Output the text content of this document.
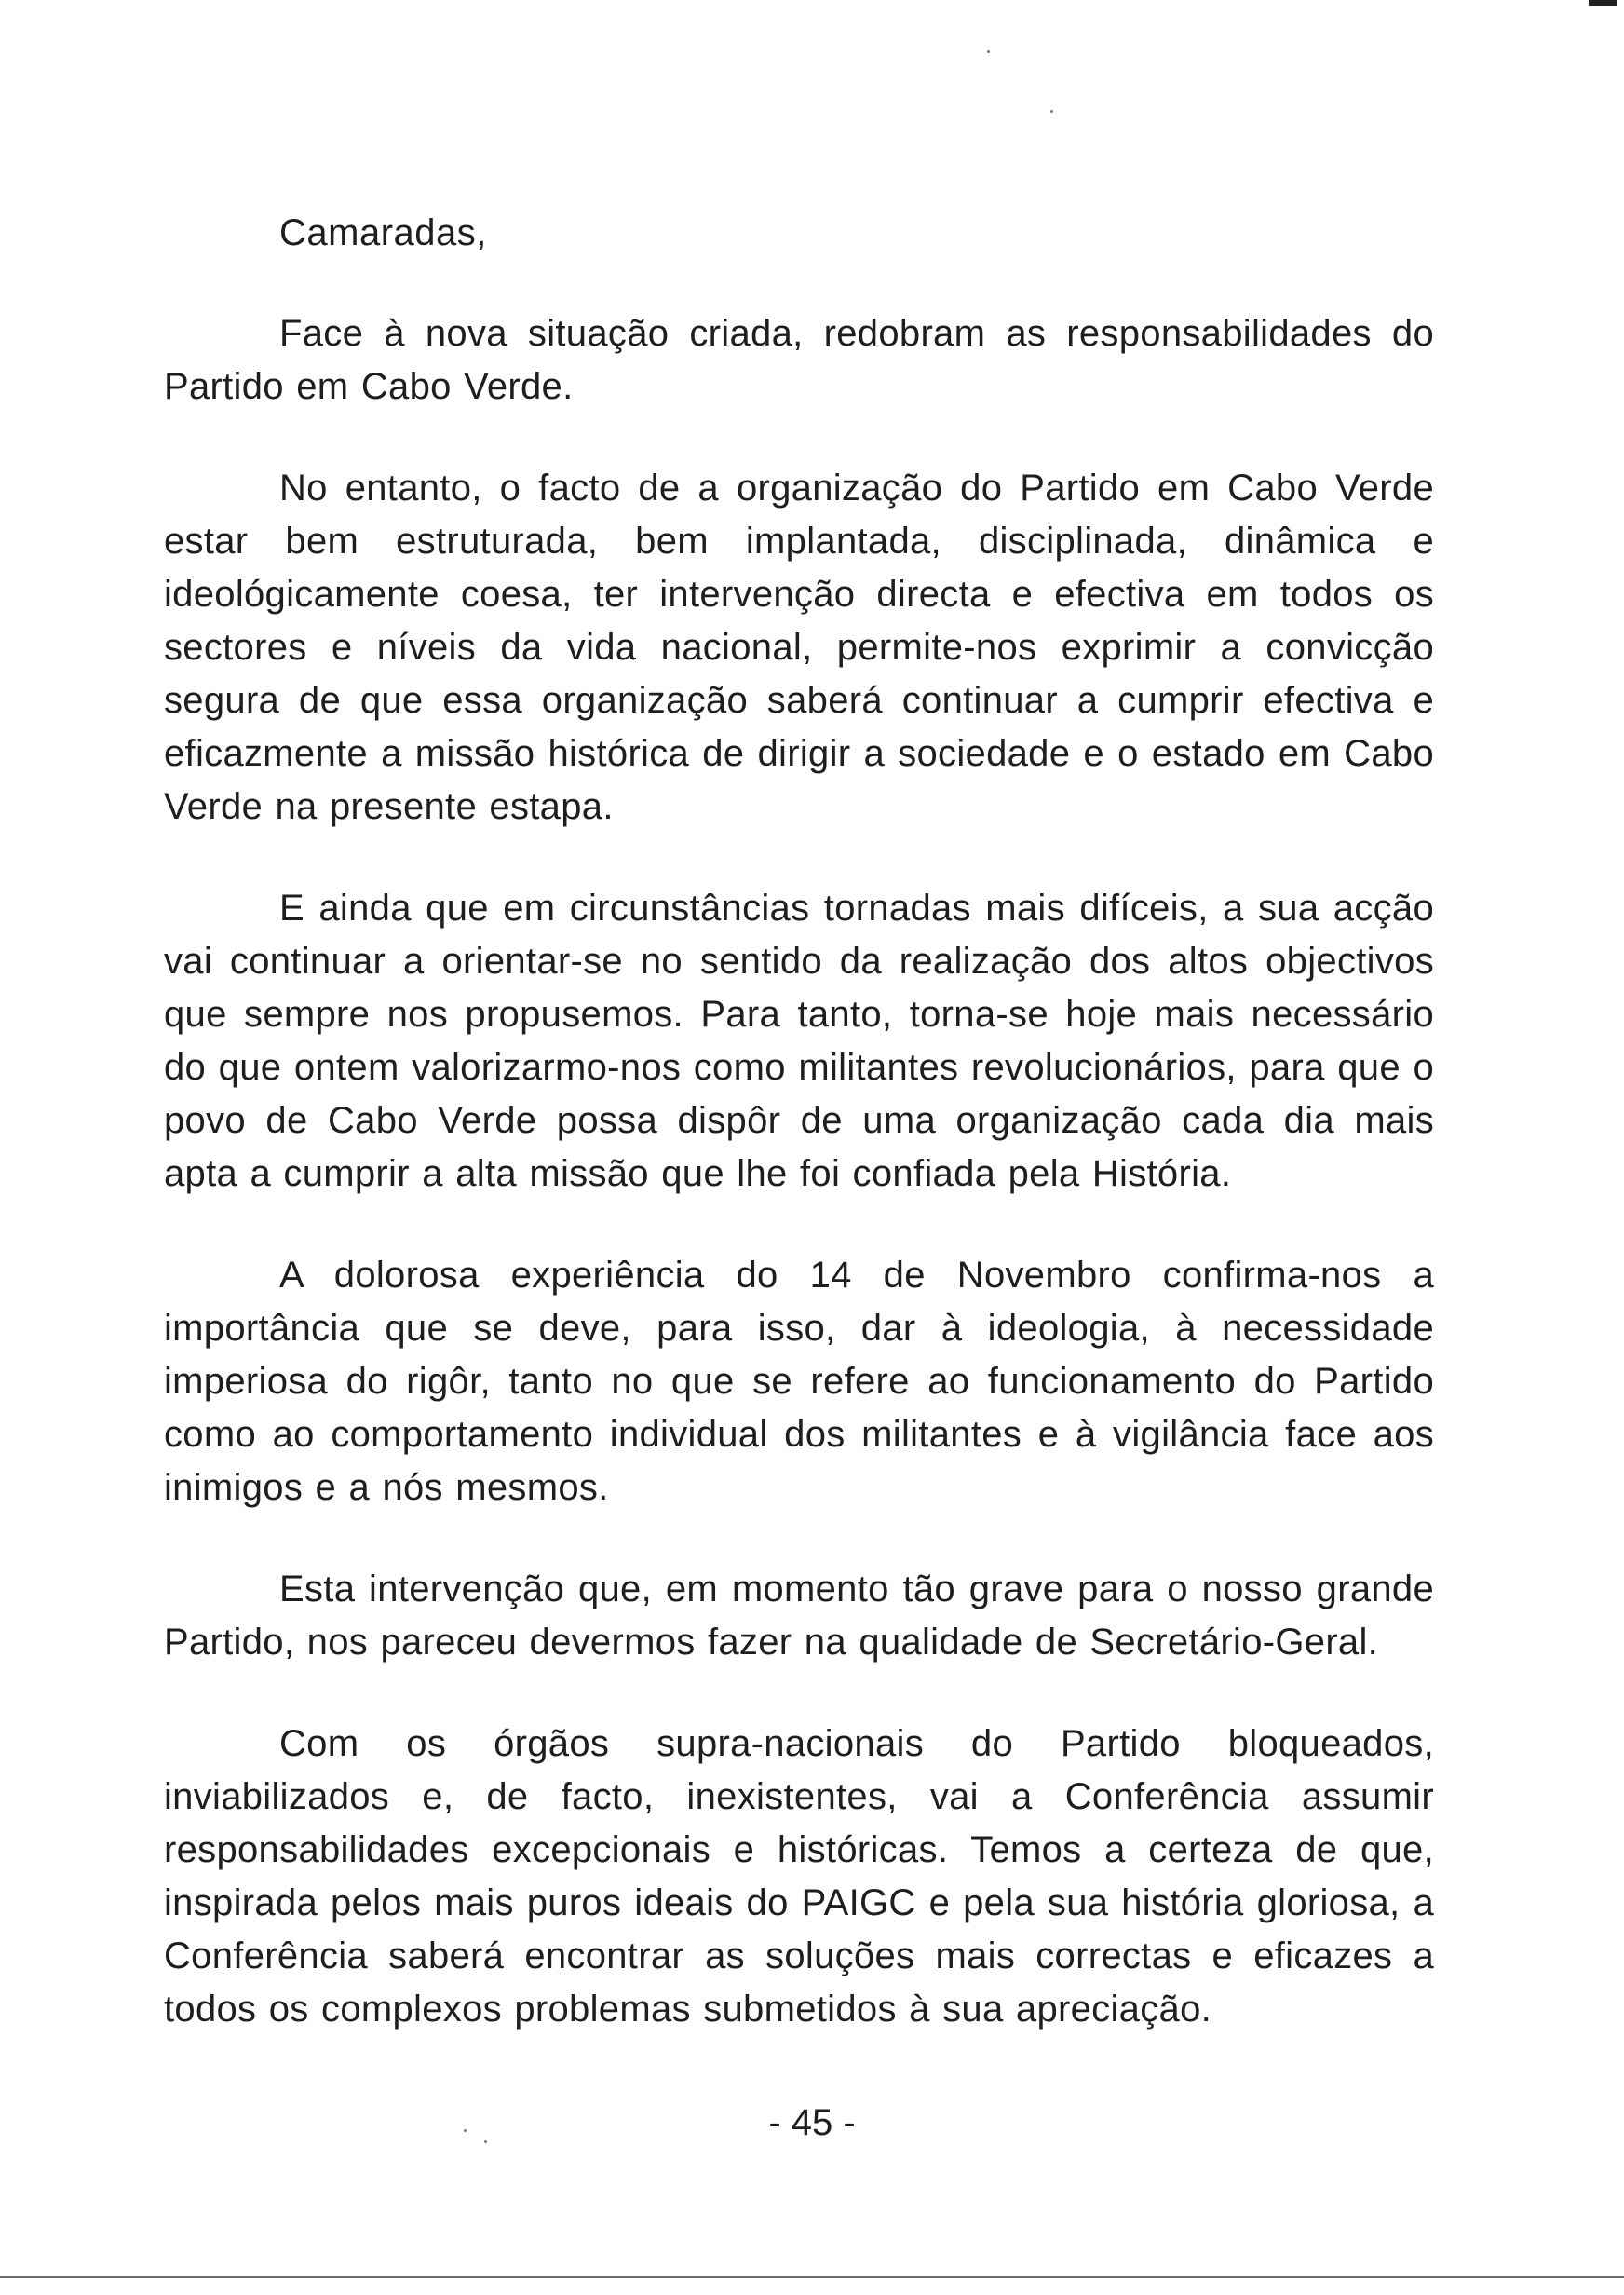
Camaradas,

Face à nova situação criada, redobram as responsabilidades do Partido em Cabo Verde.

No entanto, o facto de a organização do Partido em Cabo Verde estar bem estruturada, bem implantada, disciplinada, dinâmica e ideológicamente coesa, ter intervenção directa e efectiva em todos os sectores e níveis da vida nacional, permite-nos exprimir a convicção segura de que essa organização saberá continuar a cumprir efectiva e eficazmente a missão histórica de dirigir a sociedade e o estado em Cabo Verde na presente estapa.

E ainda que em circunstâncias tornadas mais difíceis, a sua acção vai continuar a orientar-se no sentido da realização dos altos objectivos que sempre nos propusemos. Para tanto, torna-se hoje mais necessário do que ontem valorizarmo-nos como militantes revolucionários, para que o povo de Cabo Verde possa dispôr de uma organização cada dia mais apta a cumprir a alta missão que lhe foi confiada pela História.

A dolorosa experiência do 14 de Novembro confirma-nos a importância que se deve, para isso, dar à ideologia, à necessidade imperiosa do rigôr, tanto no que se refere ao funcionamento do Partido como ao comportamento individual dos militantes e à vigilância face aos inimigos e a nós mesmos.

Esta intervenção que, em momento tão grave para o nosso grande Partido, nos pareceu devermos fazer na qualidade de Secretário-Geral.

Com os órgãos supra-nacionais do Partido bloqueados, inviabilizados e, de facto, inexistentes, vai a Conferência assumir responsabilidades excepcionais e históricas. Temos a certeza de que, inspirada pelos mais puros ideais do PAIGC e pela sua história gloriosa, a Conferência saberá encontrar as soluções mais correctas e eficazes a todos os complexos problemas submetidos à sua apreciação.

- 45 -
